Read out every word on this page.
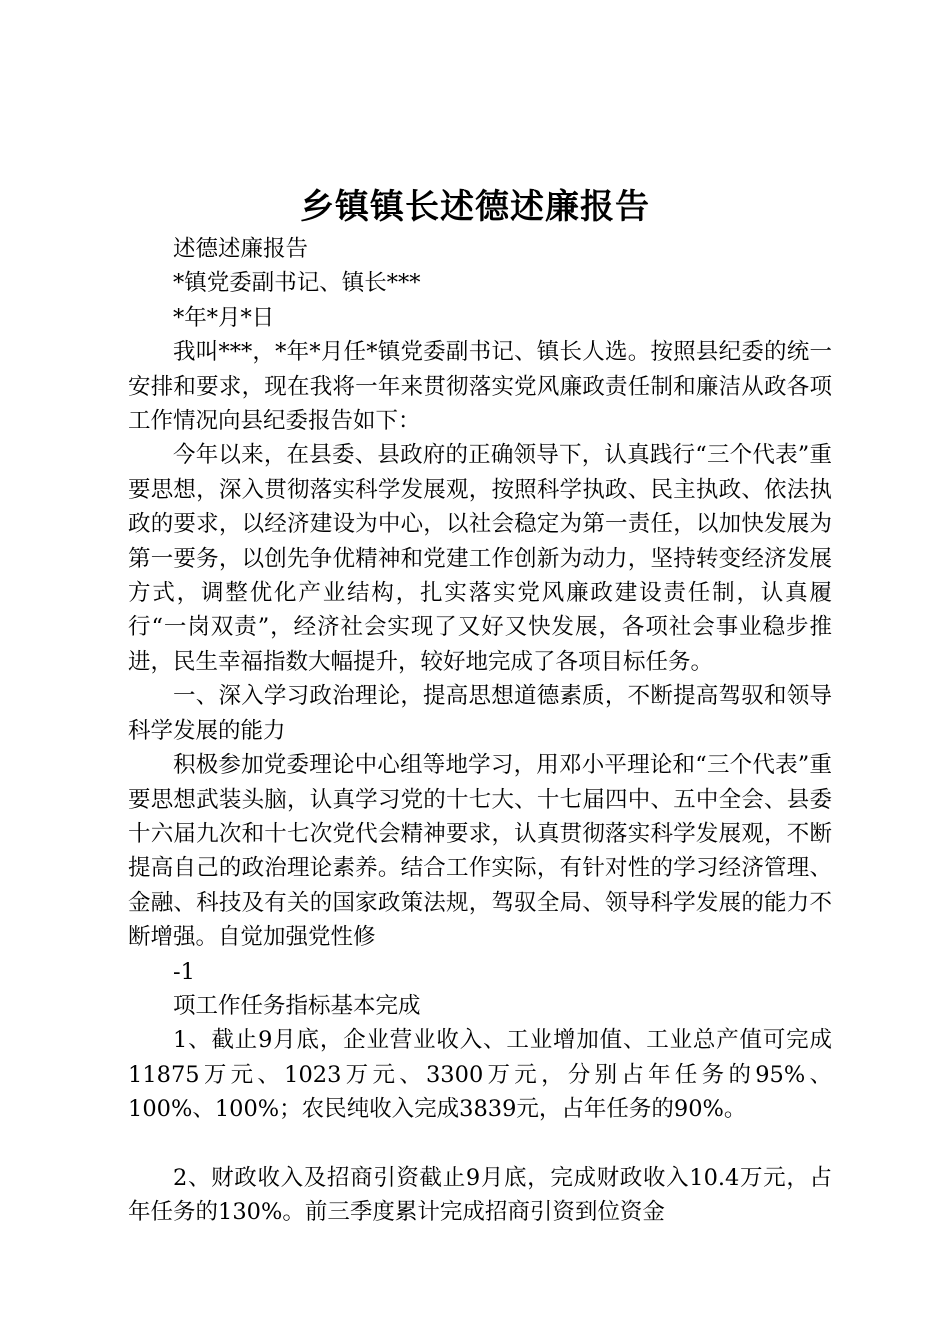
乡镇镇长述德述廉报告

述德述廉报告

*镇党委副书记、镇长***

*年*月*日

我叫***，*年*月任*镇党委副书记、镇长人选。按照县纪委的统一安排和要求，现在我将一年来贯彻落实党风廉政责任制和廉洁从政各项工作情况向县纪委报告如下：

今年以来，在县委、县政府的正确领导下，认真践行“三个代表”重要思想，深入贯彻落实科学发展观，按照科学执政、民主执政、依法执政的要求，以经济建设为中心，以社会稳定为第一责任，以加快发展为第一要务，以创先争优精神和党建工作创新为动力，坚持转变经济发展方式，调整优化产业结构，扎实落实党风廉政建设责任制，认真履行“一岗双责”，经济社会实现了又好又快发展，各项社会事业稳步推进，民生幸福指数大幅提升，较好地完成了各项目标任务。

一、深入学习政治理论，提高思想道德素质，不断提高驾驭和领导科学发展的能力

积极参加党委理论中心组等地学习，用邓小平理论和“三个代表”重要思想武装头脑，认真学习党的十七大、十七届四中、五中全会、县委十六届九次和十七次党代会精神要求，认真贯彻落实科学发展观，不断提高自己的政治理论素养。结合工作实际，有针对性的学习经济管理、金融、科技及有关的国家政策法规，驾驭全局、领导科学发展的能力不断增强。自觉加强党性修

-1

项工作任务指标基本完成

1、截止9月底，企业营业收入、工业增加值、工业总产值可完成11875万元、1023万元、3300万元，分别占年任务的95%、100%、100%；农民纯收入完成3839元，占年任务的90%。

2、财政收入及招商引资截止9月底，完成财政收入10.4万元，占年任务的130%。前三季度累计完成招商引资到位资金
